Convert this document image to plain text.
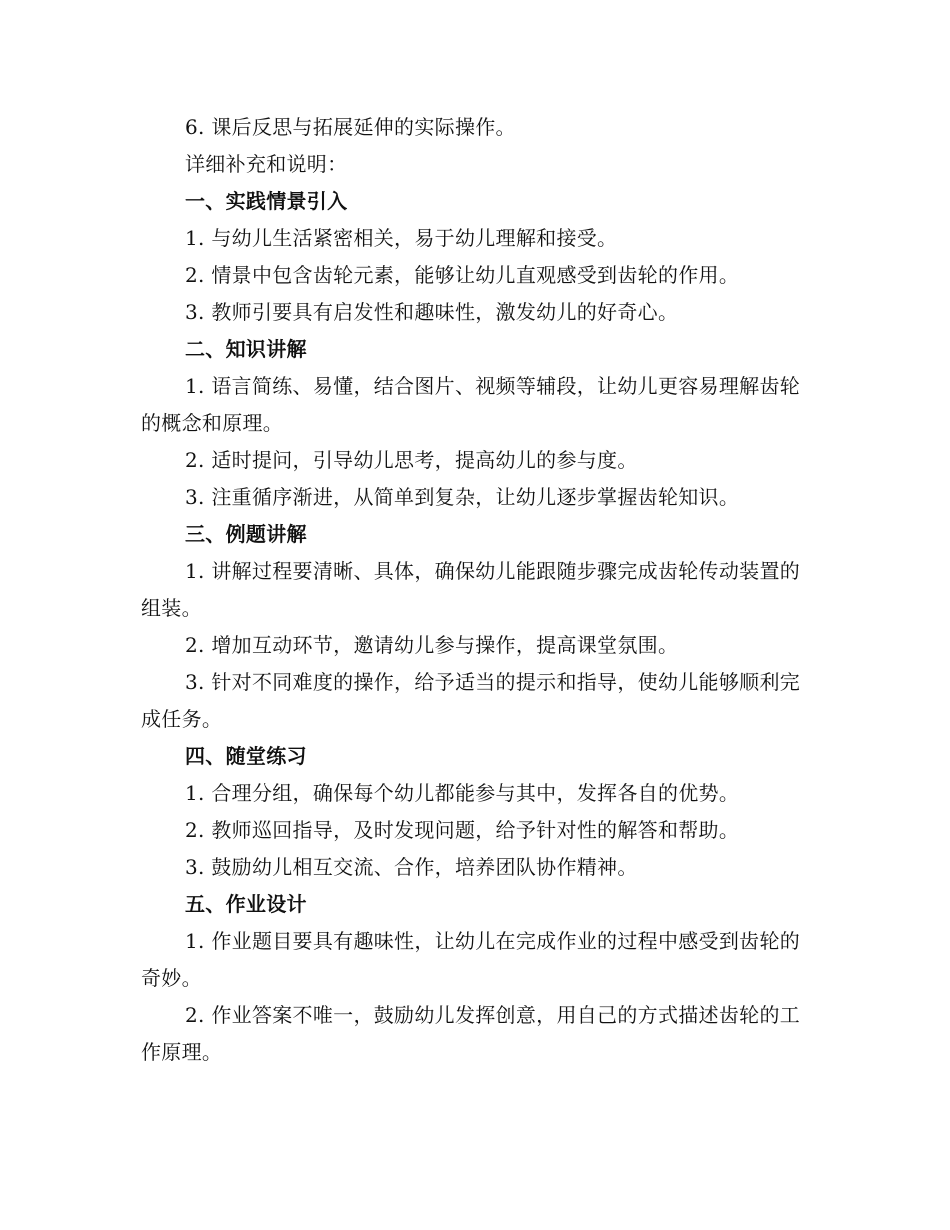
6. 课后反思与拓展延伸的实际操作。

详细补充和说明：

一、实践情景引入

1. 与幼儿生活紧密相关，易于幼儿理解和接受。

2. 情景中包含齿轮元素，能够让幼儿直观感受到齿轮的作用。

3. 教师引要具有启发性和趣味性，激发幼儿的好奇心。

二、知识讲解

1. 语言简练、易懂，结合图片、视频等辅段，让幼儿更容易理解齿轮的概念和原理。

2. 适时提问，引导幼儿思考，提高幼儿的参与度。

3. 注重循序渐进，从简单到复杂，让幼儿逐步掌握齿轮知识。

三、例题讲解

1. 讲解过程要清晰、具体，确保幼儿能跟随步骤完成齿轮传动装置的组装。

2. 增加互动环节，邀请幼儿参与操作，提高课堂氛围。

3. 针对不同难度的操作，给予适当的提示和指导，使幼儿能够顺利完成任务。

四、随堂练习

1. 合理分组，确保每个幼儿都能参与其中，发挥各自的优势。

2. 教师巡回指导，及时发现问题，给予针对性的解答和帮助。

3. 鼓励幼儿相互交流、合作，培养团队协作精神。

五、作业设计

1. 作业题目要具有趣味性，让幼儿在完成作业的过程中感受到齿轮的奇妙。

2. 作业答案不唯一，鼓励幼儿发挥创意，用自己的方式描述齿轮的工作原理。
